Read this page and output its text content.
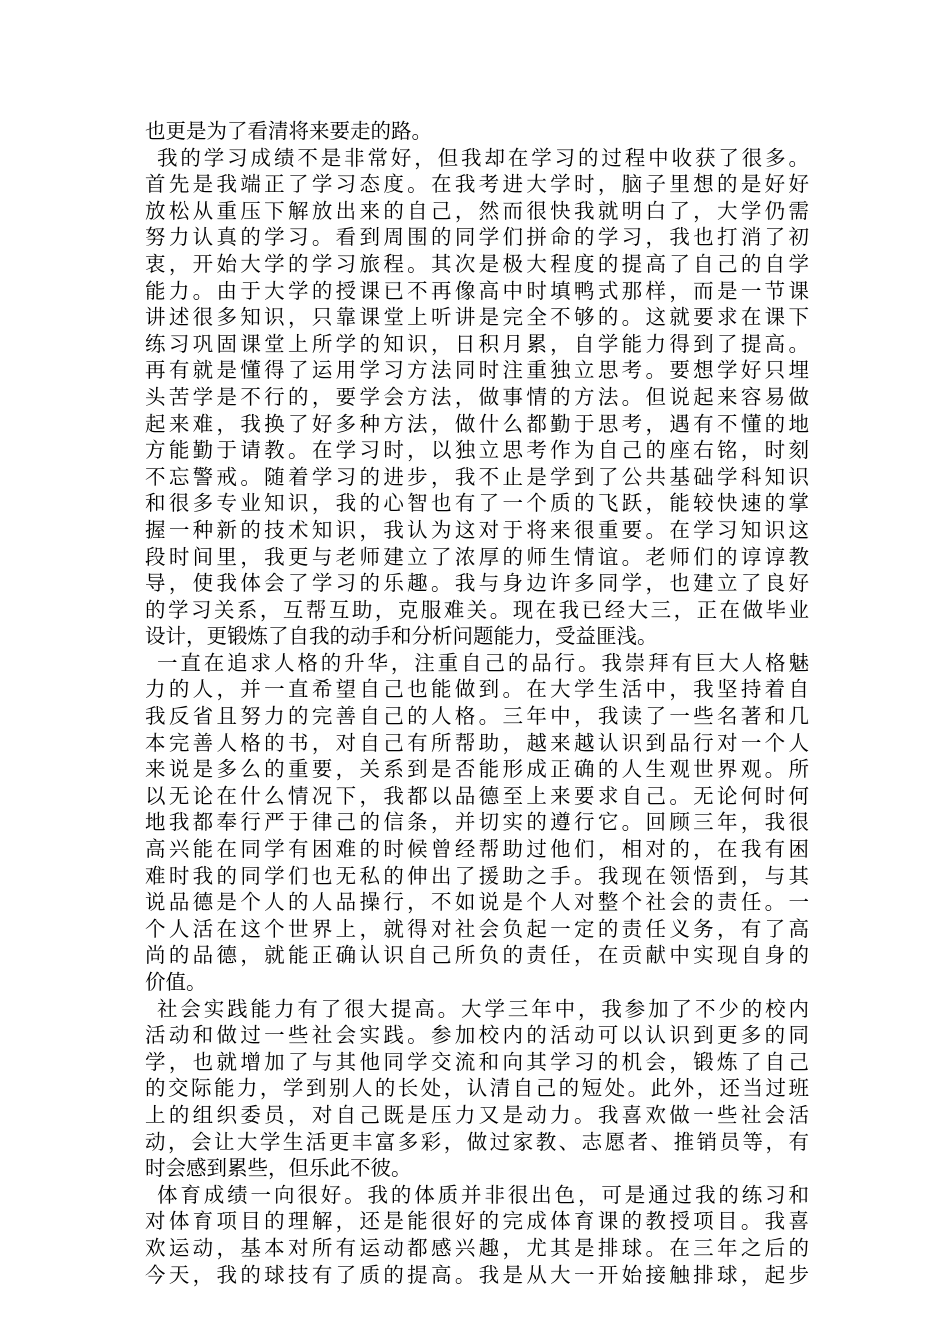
也更是为了看清将来要走的路。
我的学习成绩不是非常好，但我却在学习的过程中收获了很多。
首先是我端正了学习态度。在我考进大学时，脑子里想的是好好
放松从重压下解放出来的自己，然而很快我就明白了，大学仍需
努力认真的学习。看到周围的同学们拼命的学习，我也打消了初
衷，开始大学的学习旅程。其次是极大程度的提高了自己的自学
能力。由于大学的授课已不再像高中时填鸭式那样，而是一节课
讲述很多知识，只靠课堂上听讲是完全不够的。这就要求在课下
练习巩固课堂上所学的知识，日积月累，自学能力得到了提高。
再有就是懂得了运用学习方法同时注重独立思考。要想学好只埋
头苦学是不行的，要学会方法，做事情的方法。但说起来容易做
起来难，我换了好多种方法，做什么都勤于思考，遇有不懂的地
方能勤于请教。在学习时，以独立思考作为自己的座右铭，时刻
不忘警戒。随着学习的进步，我不止是学到了公共基础学科知识
和很多专业知识，我的心智也有了一个质的飞跃，能较快速的掌
握一种新的技术知识，我认为这对于将来很重要。在学习知识这
段时间里，我更与老师建立了浓厚的师生情谊。老师们的谆谆教
导，使我体会了学习的乐趣。我与身边许多同学，也建立了良好
的学习关系，互帮互助，克服难关。现在我已经大三，正在做毕业
设计，更锻炼了自我的动手和分析问题能力，受益匪浅。
一直在追求人格的升华，注重自己的品行。我崇拜有巨大人格魅
力的人，并一直希望自己也能做到。在大学生活中，我坚持着自
我反省且努力的完善自己的人格。三年中，我读了一些名著和几
本完善人格的书，对自己有所帮助，越来越认识到品行对一个人
来说是多么的重要，关系到是否能形成正确的人生观世界观。所
以无论在什么情况下，我都以品德至上来要求自己。无论何时何
地我都奉行严于律己的信条，并切实的遵行它。回顾三年，我很
高兴能在同学有困难的时候曾经帮助过他们，相对的，在我有困
难时我的同学们也无私的伸出了援助之手。我现在领悟到，与其
说品德是个人的人品操行，不如说是个人对整个社会的责任。一
个人活在这个世界上，就得对社会负起一定的责任义务，有了高
尚的品德，就能正确认识自己所负的责任，在贡献中实现自身的
价值。
社会实践能力有了很大提高。大学三年中，我参加了不少的校内
活动和做过一些社会实践。参加校内的活动可以认识到更多的同
学，也就增加了与其他同学交流和向其学习的机会，锻炼了自己
的交际能力，学到别人的长处，认清自己的短处。此外，还当过班
上的组织委员，对自己既是压力又是动力。我喜欢做一些社会活
动，会让大学生活更丰富多彩，做过家教、志愿者、推销员等，有
时会感到累些，但乐此不彼。
体育成绩一向很好。我的体质并非很出色，可是通过我的练习和
对体育项目的理解，还是能很好的完成体育课的教授项目。我喜
欢运动，基本对所有运动都感兴趣，尤其是排球。在三年之后的
今天，我的球技有了质的提高。我是从大一开始接触排球，起步
